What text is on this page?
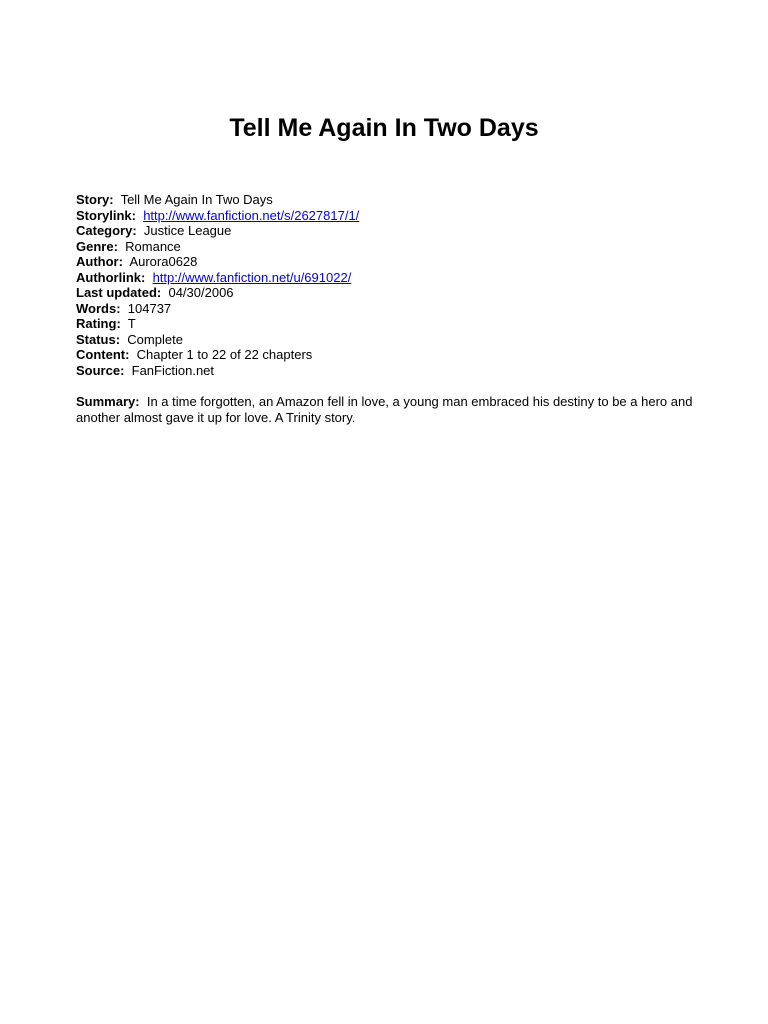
Tell Me Again In Two Days
Story:  Tell Me Again In Two Days
Storylink:  http://www.fanfiction.net/s/2627817/1/
Category:  Justice League
Genre:  Romance
Author:  Aurora0628
Authorlink:  http://www.fanfiction.net/u/691022/
Last updated:  04/30/2006
Words:  104737
Rating:  T
Status:  Complete
Content:  Chapter 1 to 22 of 22 chapters
Source:  FanFiction.net
Summary:  In a time forgotten, an Amazon fell in love, a young man embraced his destiny to be a hero and another almost gave it up for love. A Trinity story.
